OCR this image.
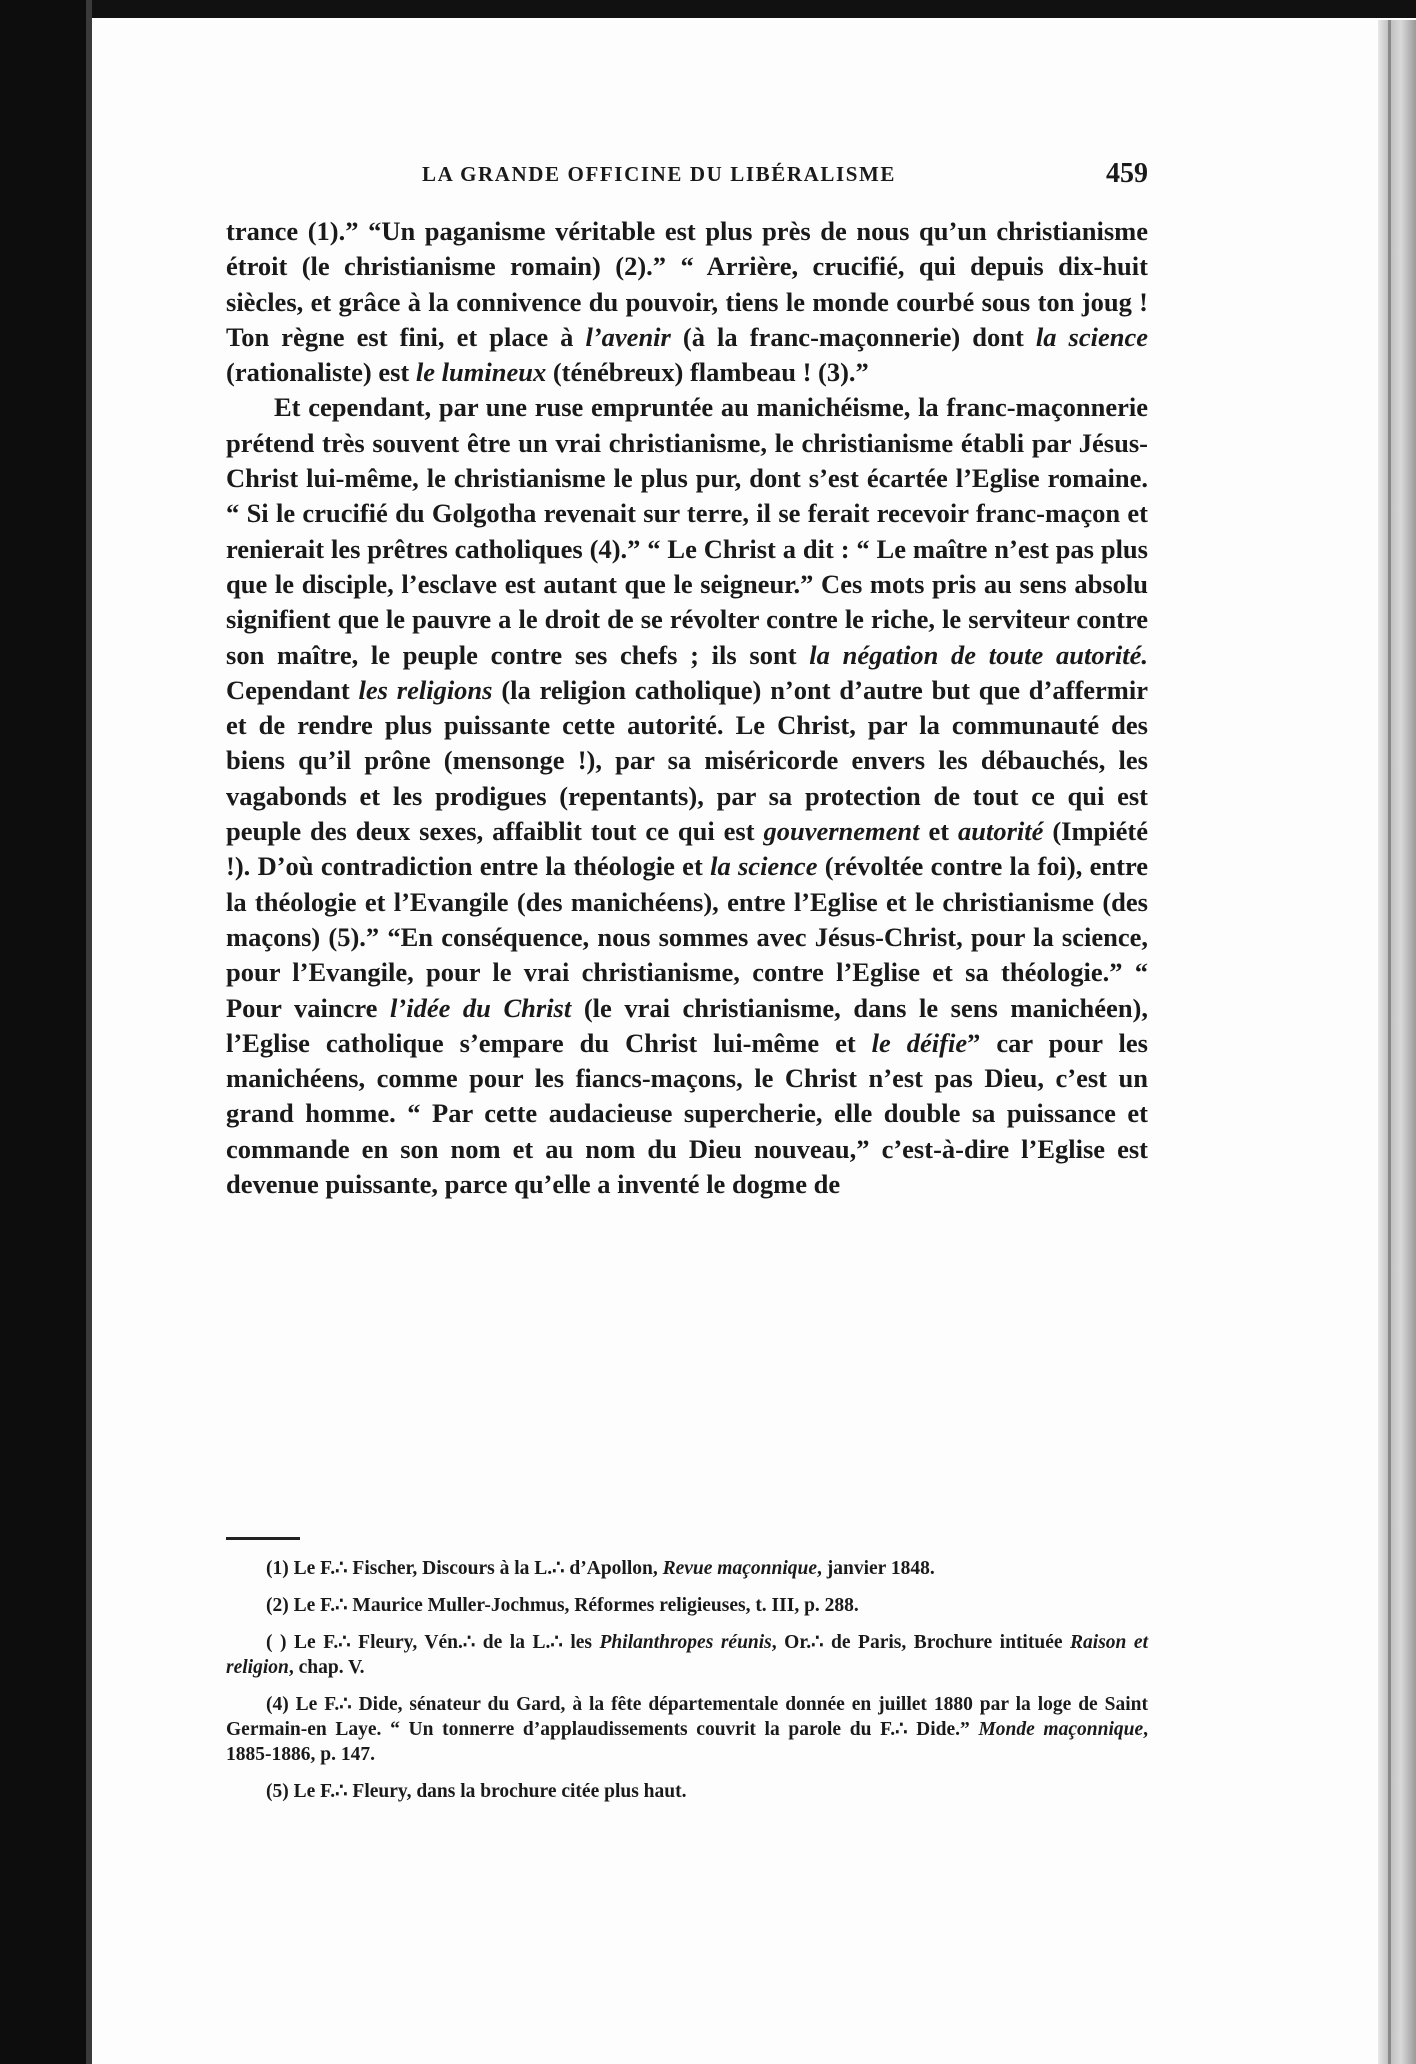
LA GRANDE OFFICINE DU LIBÉRALISME	459

trance (1).” “Un paganisme véritable est plus près de nous qu’un christianisme étroit (le christianisme romain) (2).” “ Arrière, crucifié, qui depuis dix-huit siècles, et grâce à la connivence du pouvoir, tiens le monde courbé sous ton joug ! Ton règne est fini, et place à l’avenir (à la franc-maçonnerie) dont la science (rationaliste) est le lumineux (ténébreux) flambeau ! (3).”

Et cependant, par une ruse empruntée au manichéisme, la franc-maçonnerie prétend très souvent être un vrai christianisme, le christianisme établi par Jésus-Christ lui-même, le christianisme le plus pur, dont s’est écartée l’Eglise romaine. “ Si le crucifié du Golgotha revenait sur terre, il se ferait recevoir franc-maçon et renierait les prêtres catholiques (4).” “ Le Christ a dit : “ Le maître n’est pas plus que le disciple, l’esclave est autant que le seigneur.” Ces mots pris au sens absolu signifient que le pauvre a le droit de se révolter contre le riche, le serviteur contre son maître, le peuple contre ses chefs ; ils sont la négation de toute autorité. Cependant les religions (la religion catholique) n’ont d’autre but que d’affermir et de rendre plus puissante cette autorité. Le Christ, par la communauté des biens qu’il prône (mensonge !), par sa miséricorde envers les débauchés, les vagabonds et les prodigues (repentants), par sa protection de tout ce qui est peuple des deux sexes, affaiblit tout ce qui est gouvernement et autorité (Impiété !). D’où contradiction entre la théologie et la science (révoltée contre la foi), entre la théologie et l’Evangile (des manichéens), entre l’Eglise et le christianisme (des maçons) (5).” “En conséquence, nous sommes avec Jésus-Christ, pour la science, pour l’Evangile, pour le vrai christianisme, contre l’Eglise et sa théologie.” “ Pour vaincre l’idée du Christ (le vrai christianisme, dans le sens manichéen), l’Eglise catholique s’empare du Christ lui-même et le déifie” car pour les manichéens, comme pour les fiancs-maçons, le Christ n’est pas Dieu, c’est un grand homme. “ Par cette audacieuse supercherie, elle double sa puissance et commande en son nom et au nom du Dieu nouveau,” c’est-à-dire l’Eglise est devenue puissante, parce qu’elle a inventé le dogme de

(1) Le F.∴ Fischer, Discours à la L.∴ d’Apollon, Revue maçonnique, janvier 1848.

(2) Le F.∴ Maurice Muller-Jochmus, Réformes religieuses, t. III, p. 288.

( ) Le F.∴ Fleury, Vén.∴ de la L.∴ les Philanthropes réunis, Or.∴ de Paris, Brochure intituée Raison et religion, chap. V.

(4) Le F.∴ Dide, sénateur du Gard, à la fête départementale donnée en juillet 1880 par la loge de Saint Germain-en Laye. “ Un tonnerre d’applaudissements couvrit la parole du F.∴ Dide.” Monde maçonnique, 1885-1886, p. 147.

(5) Le F.∴ Fleury, dans la brochure citée plus haut.
